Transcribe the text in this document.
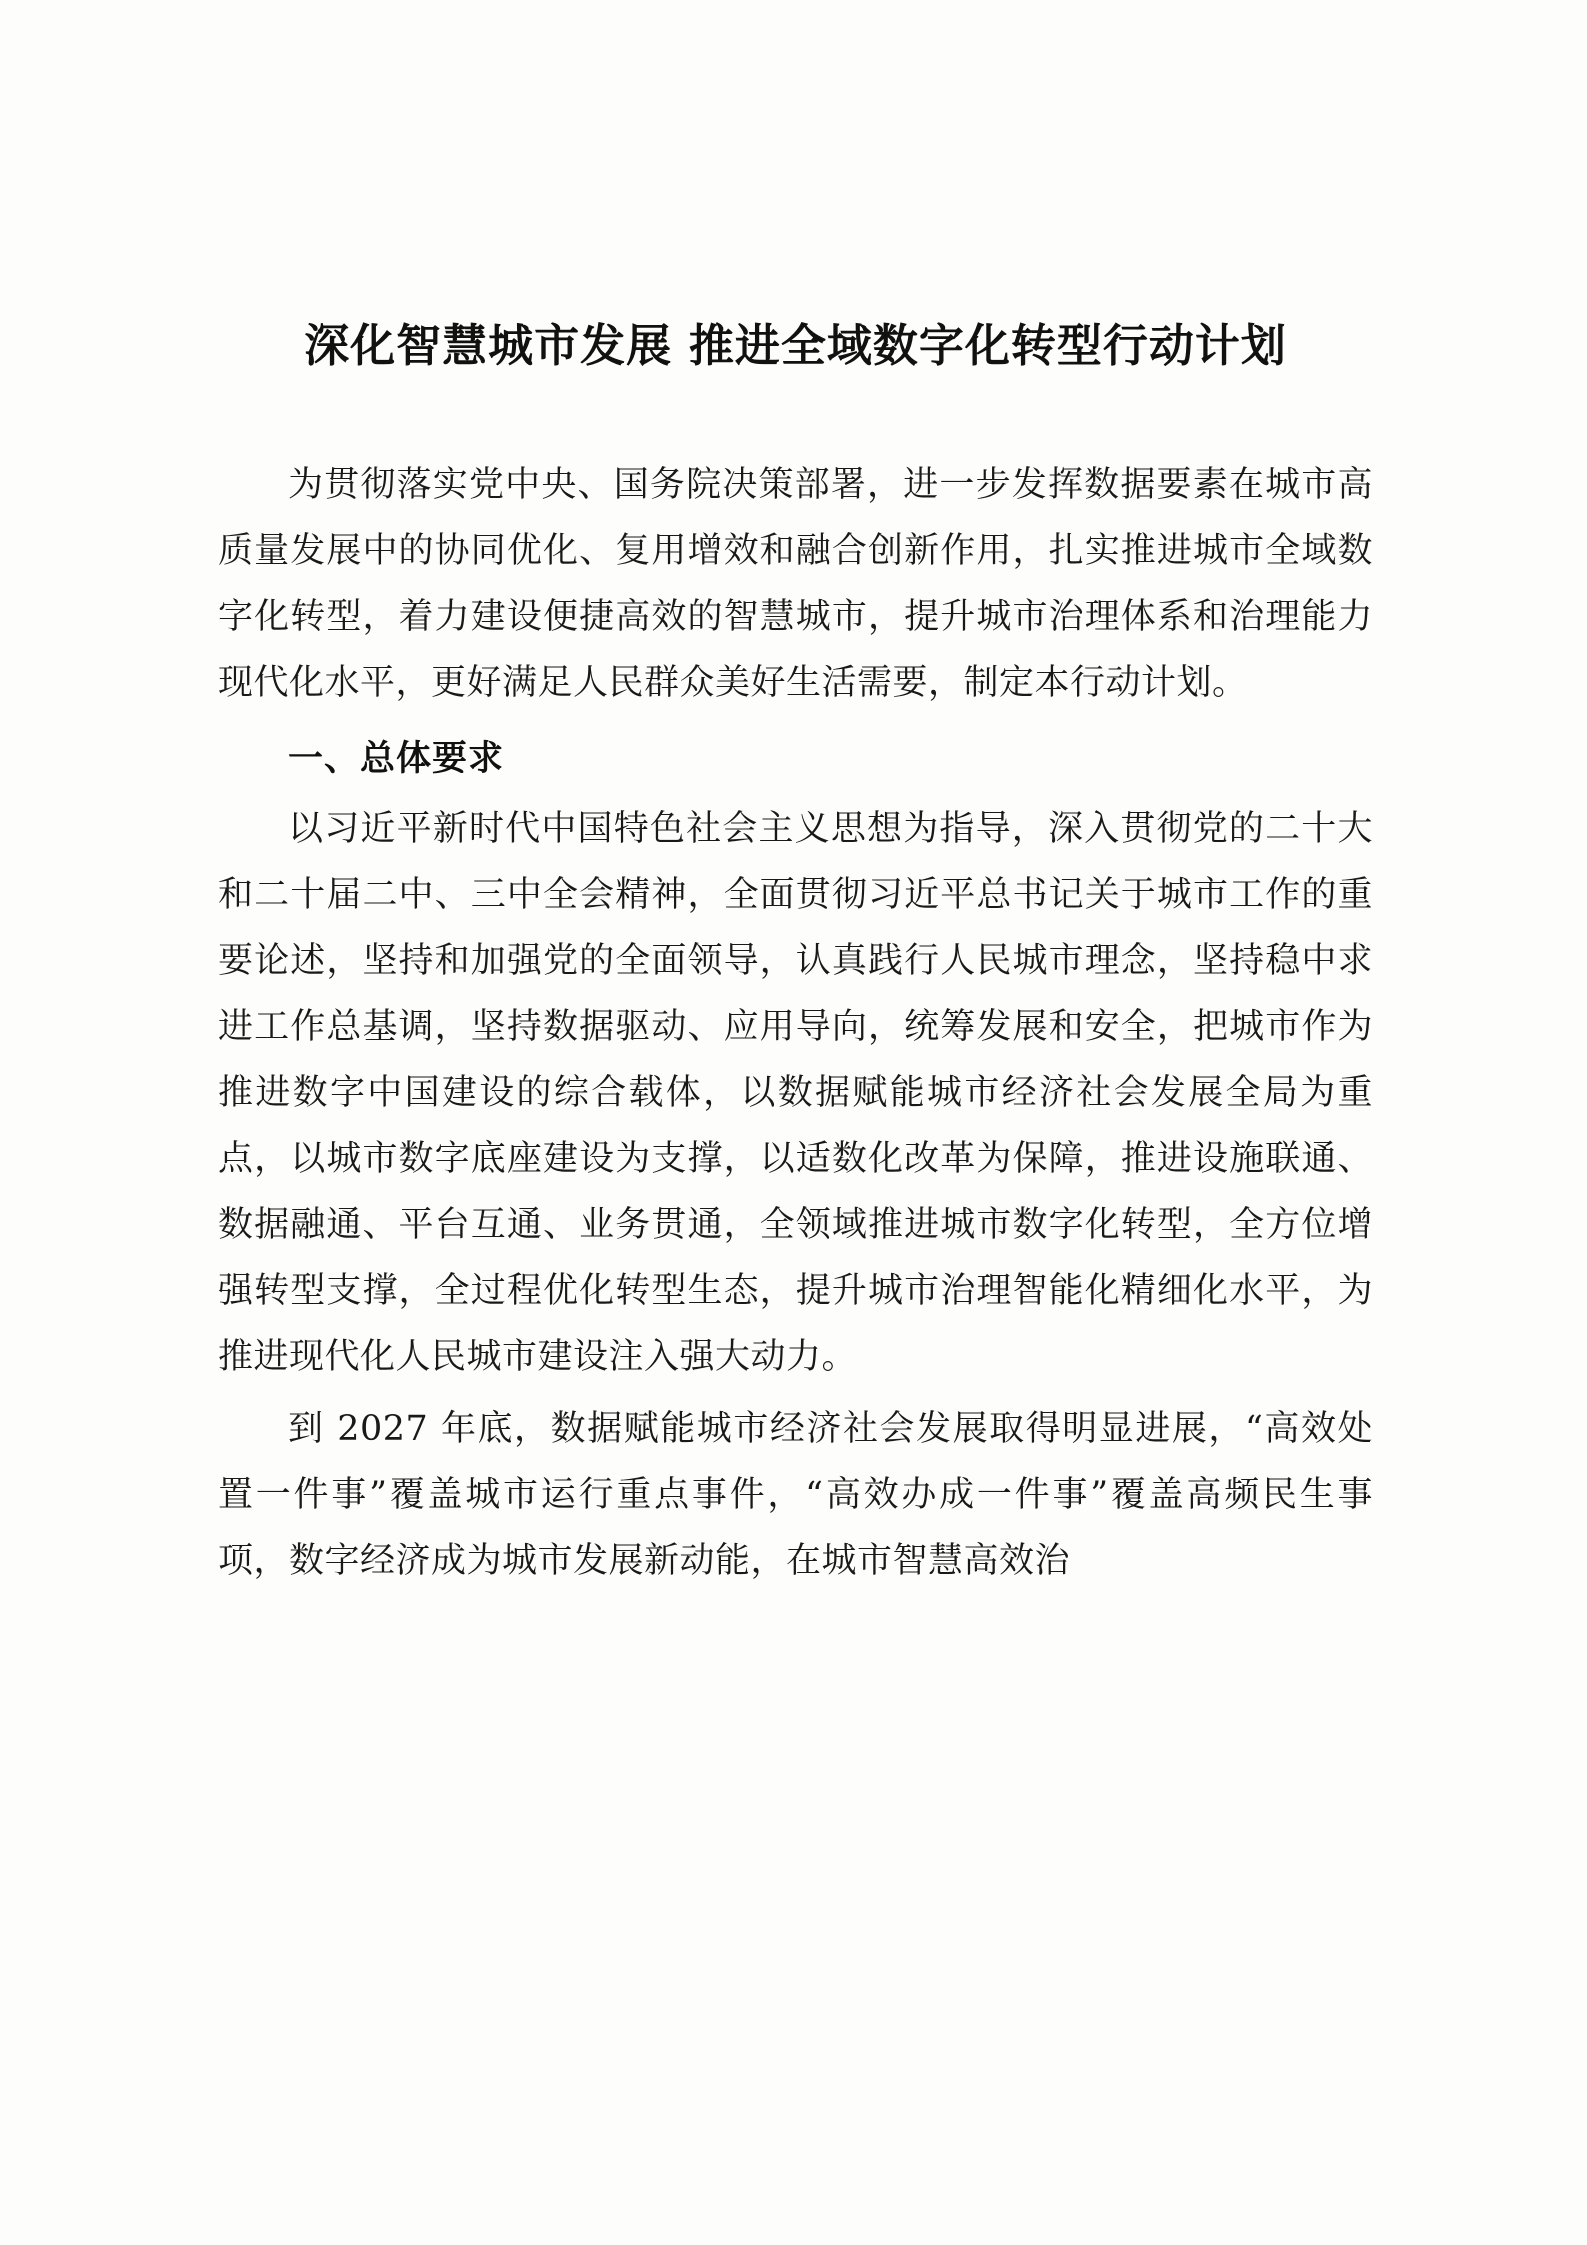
深化智慧城市发展 推进全域数字化转型行动计划

为贯彻落实党中央、国务院决策部署，进一步发挥数据要素在城市高质量发展中的协同优化、复用增效和融合创新作用，扎实推进城市全域数字化转型，着力建设便捷高效的智慧城市，提升城市治理体系和治理能力现代化水平，更好满足人民群众美好生活需要，制定本行动计划。

一、总体要求

以习近平新时代中国特色社会主义思想为指导，深入贯彻党的二十大和二十届二中、三中全会精神，全面贯彻习近平总书记关于城市工作的重要论述，坚持和加强党的全面领导，认真践行人民城市理念，坚持稳中求进工作总基调，坚持数据驱动、应用导向，统筹发展和安全，把城市作为推进数字中国建设的综合载体，以数据赋能城市经济社会发展全局为重点，以城市数字底座建设为支撑，以适数化改革为保障，推进设施联通、数据融通、平台互通、业务贯通，全领域推进城市数字化转型，全方位增强转型支撑，全过程优化转型生态，提升城市治理智能化精细化水平，为推进现代化人民城市建设注入强大动力。

到 2027 年底，数据赋能城市经济社会发展取得明显进展，“高效处置一件事”覆盖城市运行重点事件，“高效办成一件事”覆盖高频民生事项，数字经济成为城市发展新动能，在城市智慧高效治
